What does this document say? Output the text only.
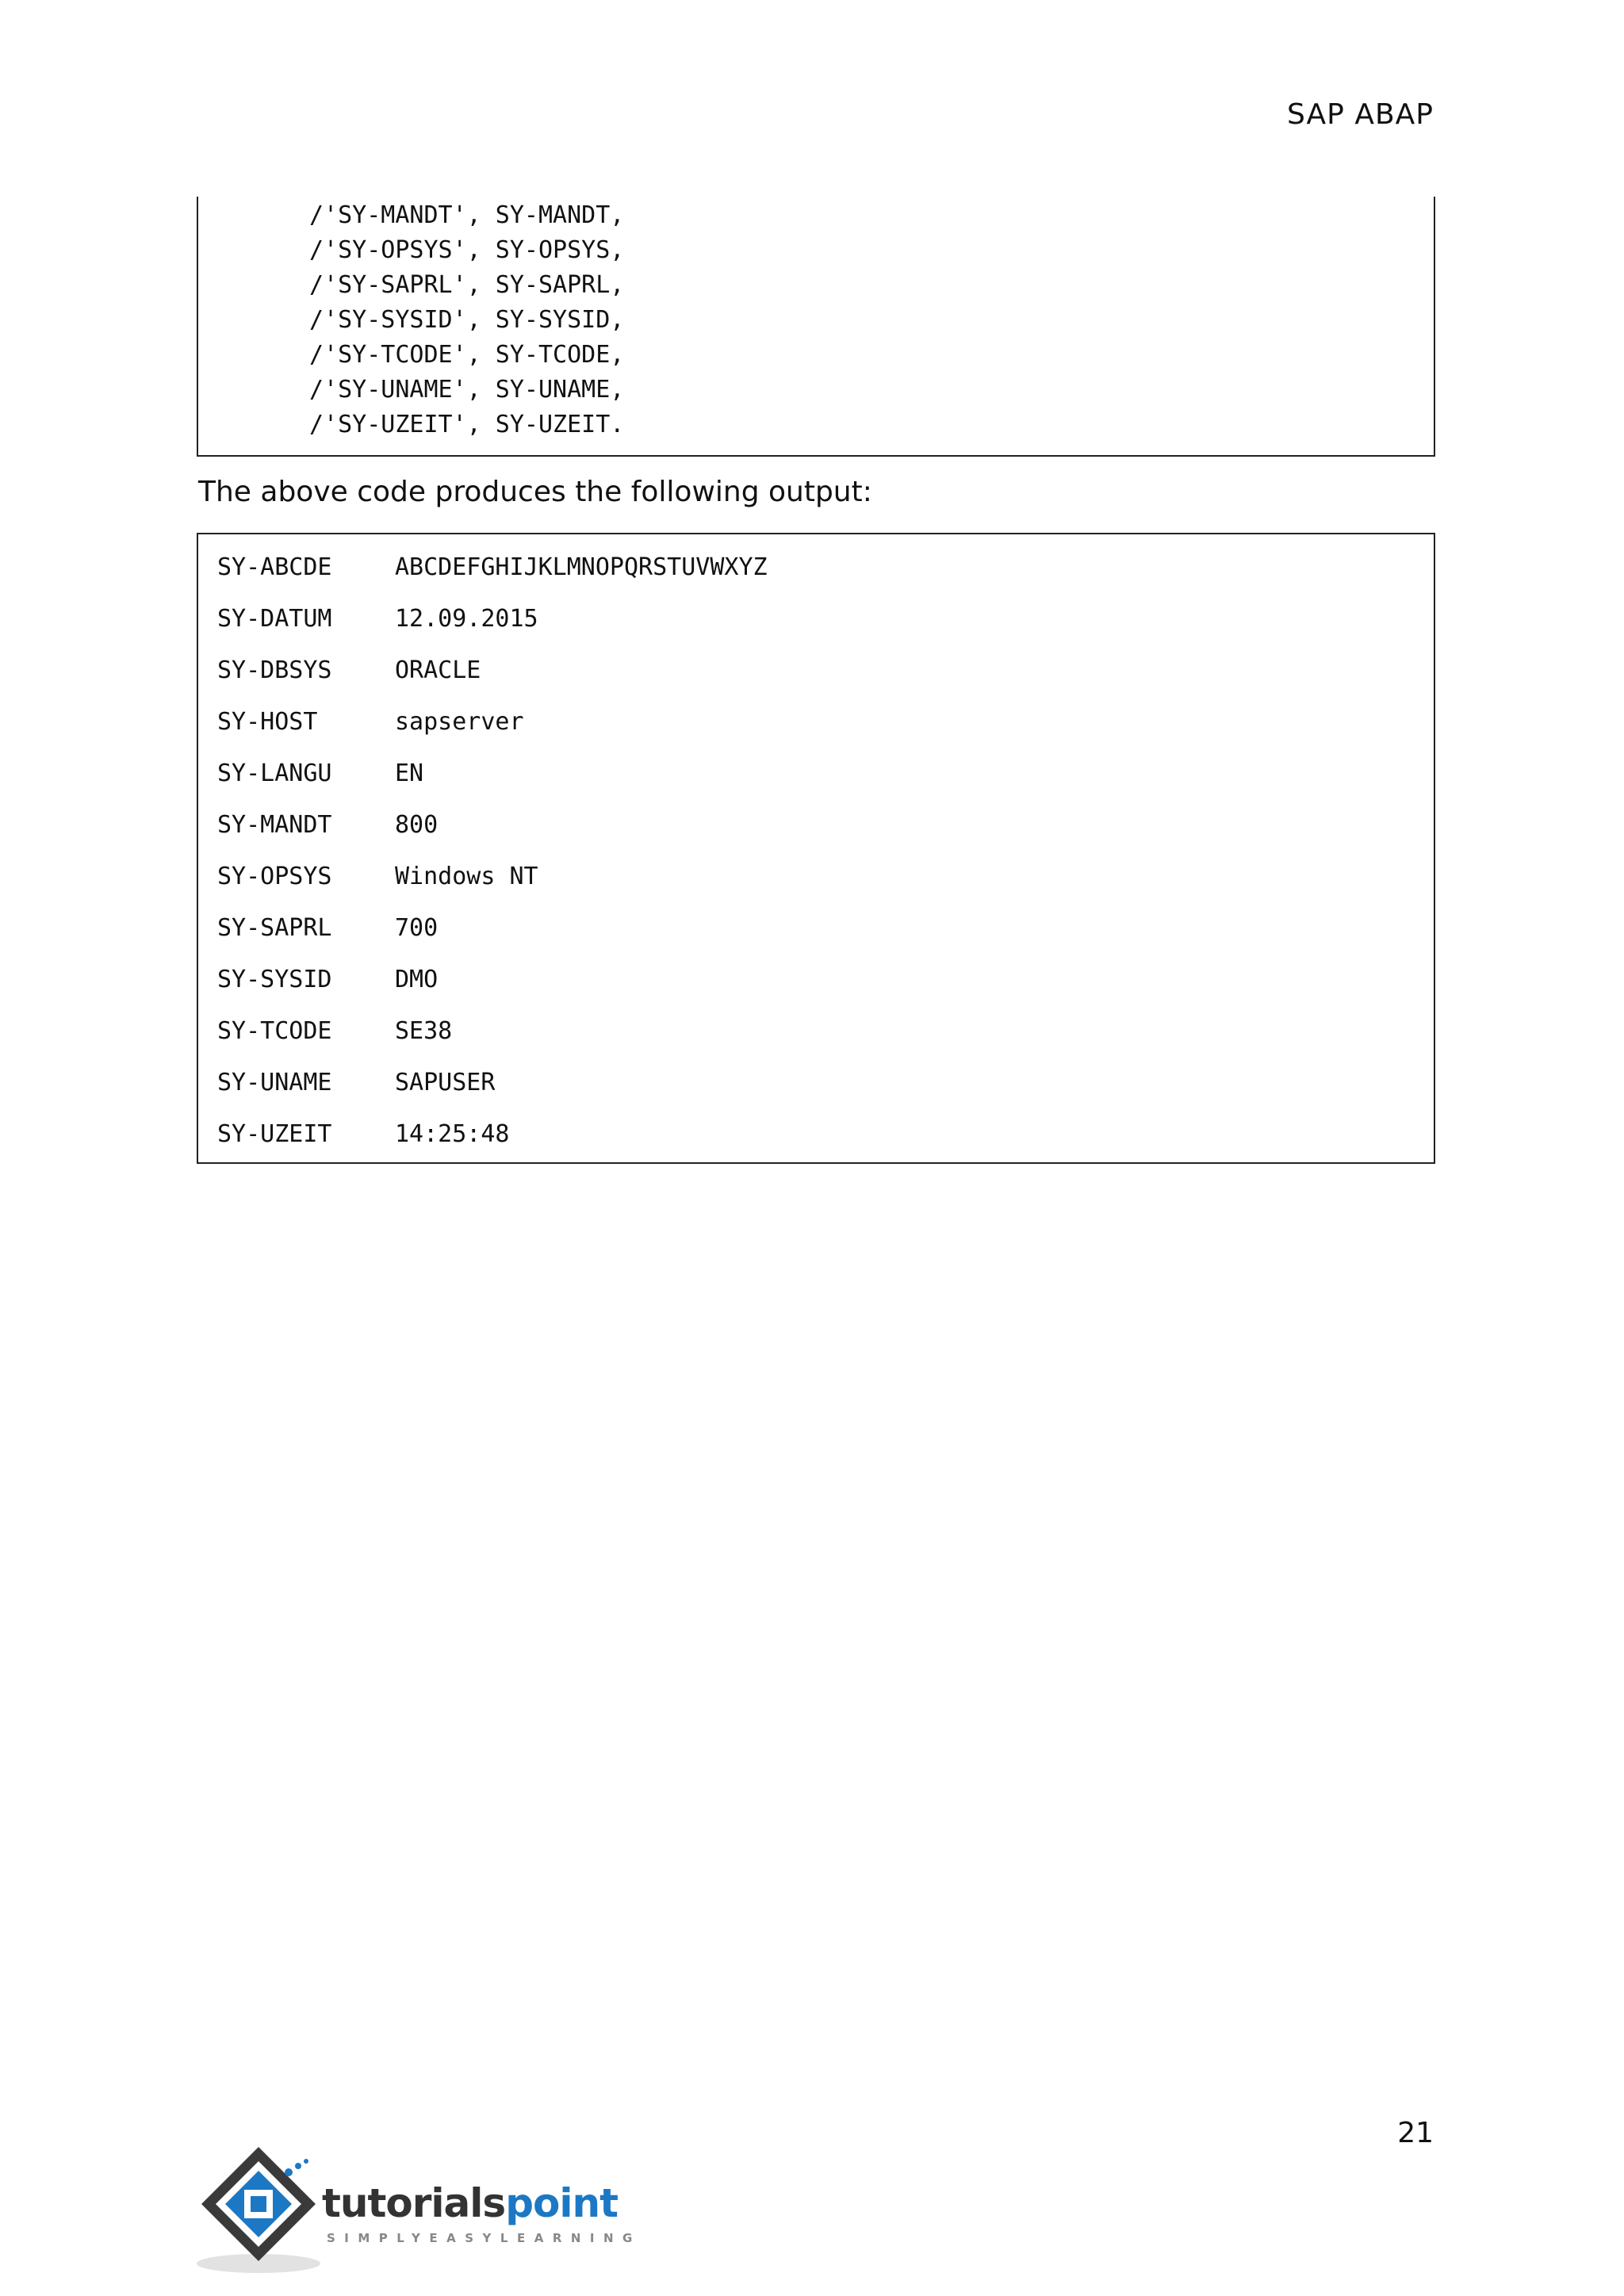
SAP ABAP
/'SY-MANDT', SY-MANDT,
/'SY-OPSYS', SY-OPSYS,
/'SY-SAPRL', SY-SAPRL,
/'SY-SYSID', SY-SYSID,
/'SY-TCODE', SY-TCODE,
/'SY-UNAME', SY-UNAME,
/'SY-UZEIT', SY-UZEIT.
The above code produces the following output:
SY-ABCDE	ABCDEFGHIJKLMNOPQRSTUVWXYZ
SY-DATUM	12.09.2015
SY-DBSYS	ORACLE
SY-HOST	sapserver
SY-LANGU	EN
SY-MANDT	800
SY-OPSYS	Windows NT
SY-SAPRL	700
SY-SYSID	DMO
SY-TCODE	SE38
SY-UNAME	SAPUSER
SY-UZEIT	14:25:48
21
tutorialspoint
SIMPLYEASYLEARNING
